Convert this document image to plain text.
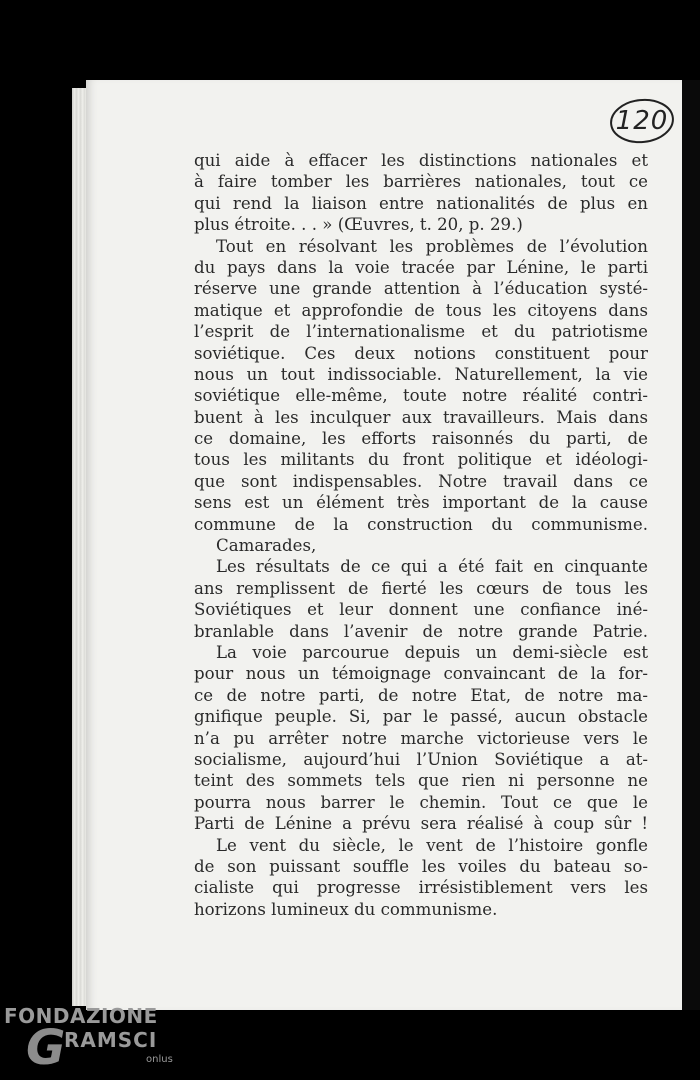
120
qui aide à effacer les distinctions nationales et
à faire tomber les barrières nationales, tout ce
qui rend la liaison entre nationalités de plus en
plus étroite. . . » (Œuvres, t. 20, p. 29.)
Tout en résolvant les problèmes de l’évolution
du pays dans la voie tracée par Lénine, le parti
réserve une grande attention à l’éducation systé-
matique et approfondie de tous les citoyens dans
l’esprit de l’internationalisme et du patriotisme
soviétique. Ces deux notions constituent pour
nous un tout indissociable. Naturellement, la vie
soviétique elle-même, toute notre réalité contri-
buent à les inculquer aux travailleurs. Mais dans
ce domaine, les efforts raisonnés du parti, de
tous les militants du front politique et idéologi-
que sont indispensables. Notre travail dans ce
sens est un élément très important de la cause
commune de la construction du communisme.
Camarades,
Les résultats de ce qui a été fait en cinquante
ans remplissent de fierté les cœurs de tous les
Soviétiques et leur donnent une confiance iné-
branlable dans l’avenir de notre grande Patrie.
La voie parcourue depuis un demi-siècle est
pour nous un témoignage convaincant de la for-
ce de notre parti, de notre Etat, de notre ma-
gnifique peuple. Si, par le passé, aucun obstacle
n’a pu arrêter notre marche victorieuse vers le
socialisme, aujourd’hui l’Union Soviétique a at-
teint des sommets tels que rien ni personne ne
pourra nous barrer le chemin. Tout ce que le
Parti de Lénine a prévu sera réalisé à coup sûr !
Le vent du siècle, le vent de l’histoire gonfle
de son puissant souffle les voiles du bateau so-
cialiste qui progresse irrésistiblement vers les
horizons lumineux du communisme.
FONDAZIONE
G
RAMSCI
onlus
